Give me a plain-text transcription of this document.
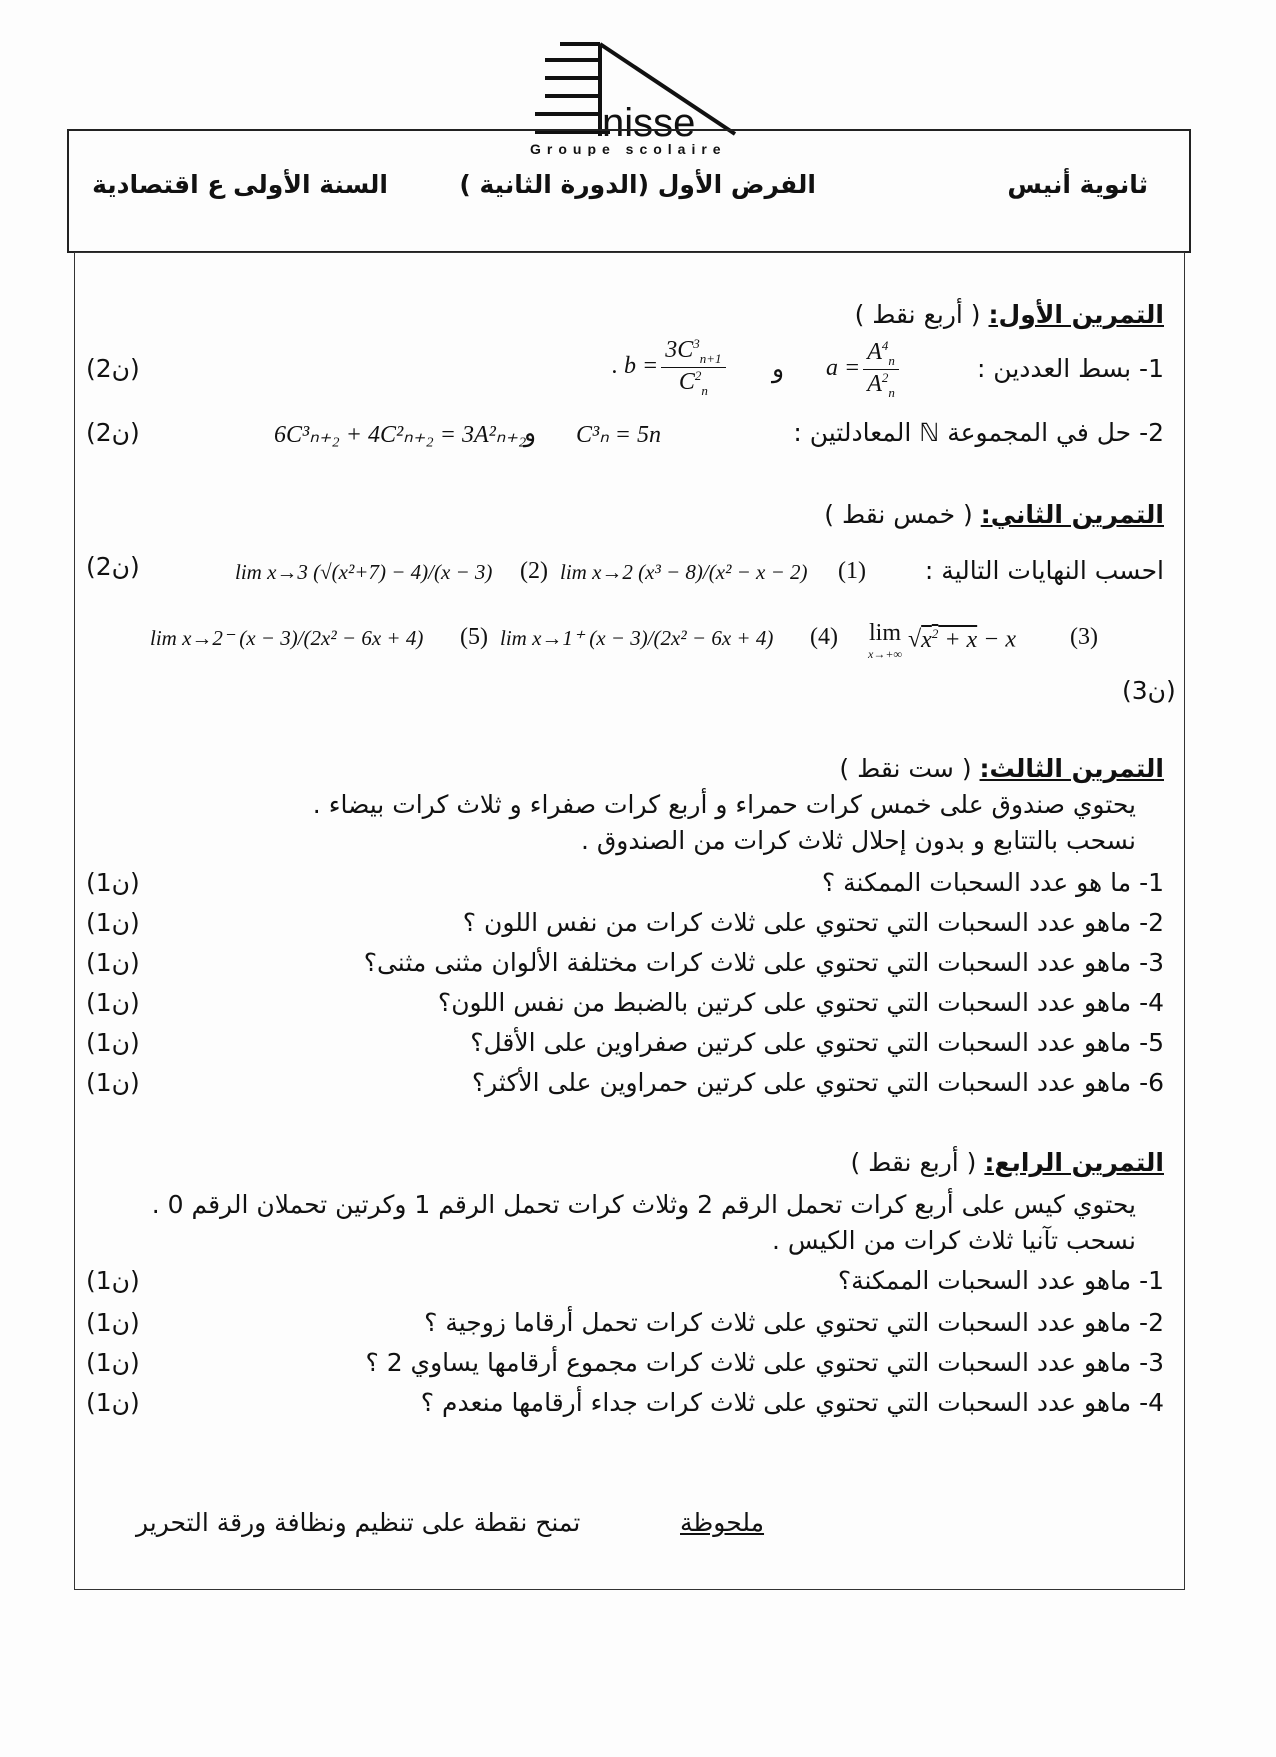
nisse
Groupe scolaire
ثانوية أنيس
الفرض الأول (الدورة الثانية )
السنة الأولى ع اقتصادية
التمرين الأول: ( أربع نقط )
1- بسط العددين :
$a = \frac{A^4_n}{A^2_n}$
و
. $b = \frac{3C^3_{n+1}}{C^2_n}$
(2ن)
2- حل في المجموعة ℕ المعادلتين :
C³ₙ = 5n
و
6C³ₙ₊₂ + 4C²ₙ₊₂ = 3A²ₙ₊₂
(2ن)
التمرين الثاني: ( خمس نقط )
احسب النهايات التالية :
(1)
lim x→2 (x³ − 8)/(x² − x − 2)
(2)
lim x→3 (√(x²+7) − 4)/(x − 3)
(2ن)
(3)
lim
x→+∞
$√x^2 + x - x$
(4)
lim x→1⁺ (x − 3)/(2x² − 6x + 4)
(5)
lim x→2⁻ (x − 3)/(2x² − 6x + 4)
(3ن)
التمرين الثالث: ( ست نقط )
يحتوي صندوق على خمس كرات حمراء و أربع كرات صفراء و ثلاث كرات بيضاء .
نسحب بالتتابع و بدون إحلال ثلاث كرات من الصندوق .
1- ما هو عدد السحبات الممكنة ؟
(1ن)
2- ماهو عدد السحبات التي تحتوي على ثلاث كرات من نفس اللون ؟
(1ن)
3- ماهو عدد السحبات التي تحتوي على ثلاث كرات مختلفة الألوان مثنى مثنى؟
(1ن)
4- ماهو عدد السحبات التي تحتوي على كرتين بالضبط من نفس اللون؟
(1ن)
5- ماهو عدد السحبات التي تحتوي على كرتين صفراوين على الأقل؟
(1ن)
6- ماهو عدد السحبات التي تحتوي على كرتين حمراوين على الأكثر؟
(1ن)
التمرين الرابع: ( أربع نقط )
يحتوي كيس على أربع كرات تحمل الرقم 2 وثلاث كرات تحمل الرقم 1 وكرتين تحملان الرقم 0 .
نسحب تآنيا ثلاث كرات من الكيس .
1- ماهو عدد السحبات الممكنة؟
(1ن)
2- ماهو عدد السحبات التي تحتوي على ثلاث كرات تحمل أرقاما زوجية ؟
(1ن)
3- ماهو عدد السحبات التي تحتوي على ثلاث كرات مجموع أرقامها يساوي 2 ؟
(1ن)
4- ماهو عدد السحبات التي تحتوي على ثلاث كرات جداء أرقامها منعدم ؟
(1ن)
ملحوظة
تمنح نقطة على تنظيم ونظافة ورقة التحرير
